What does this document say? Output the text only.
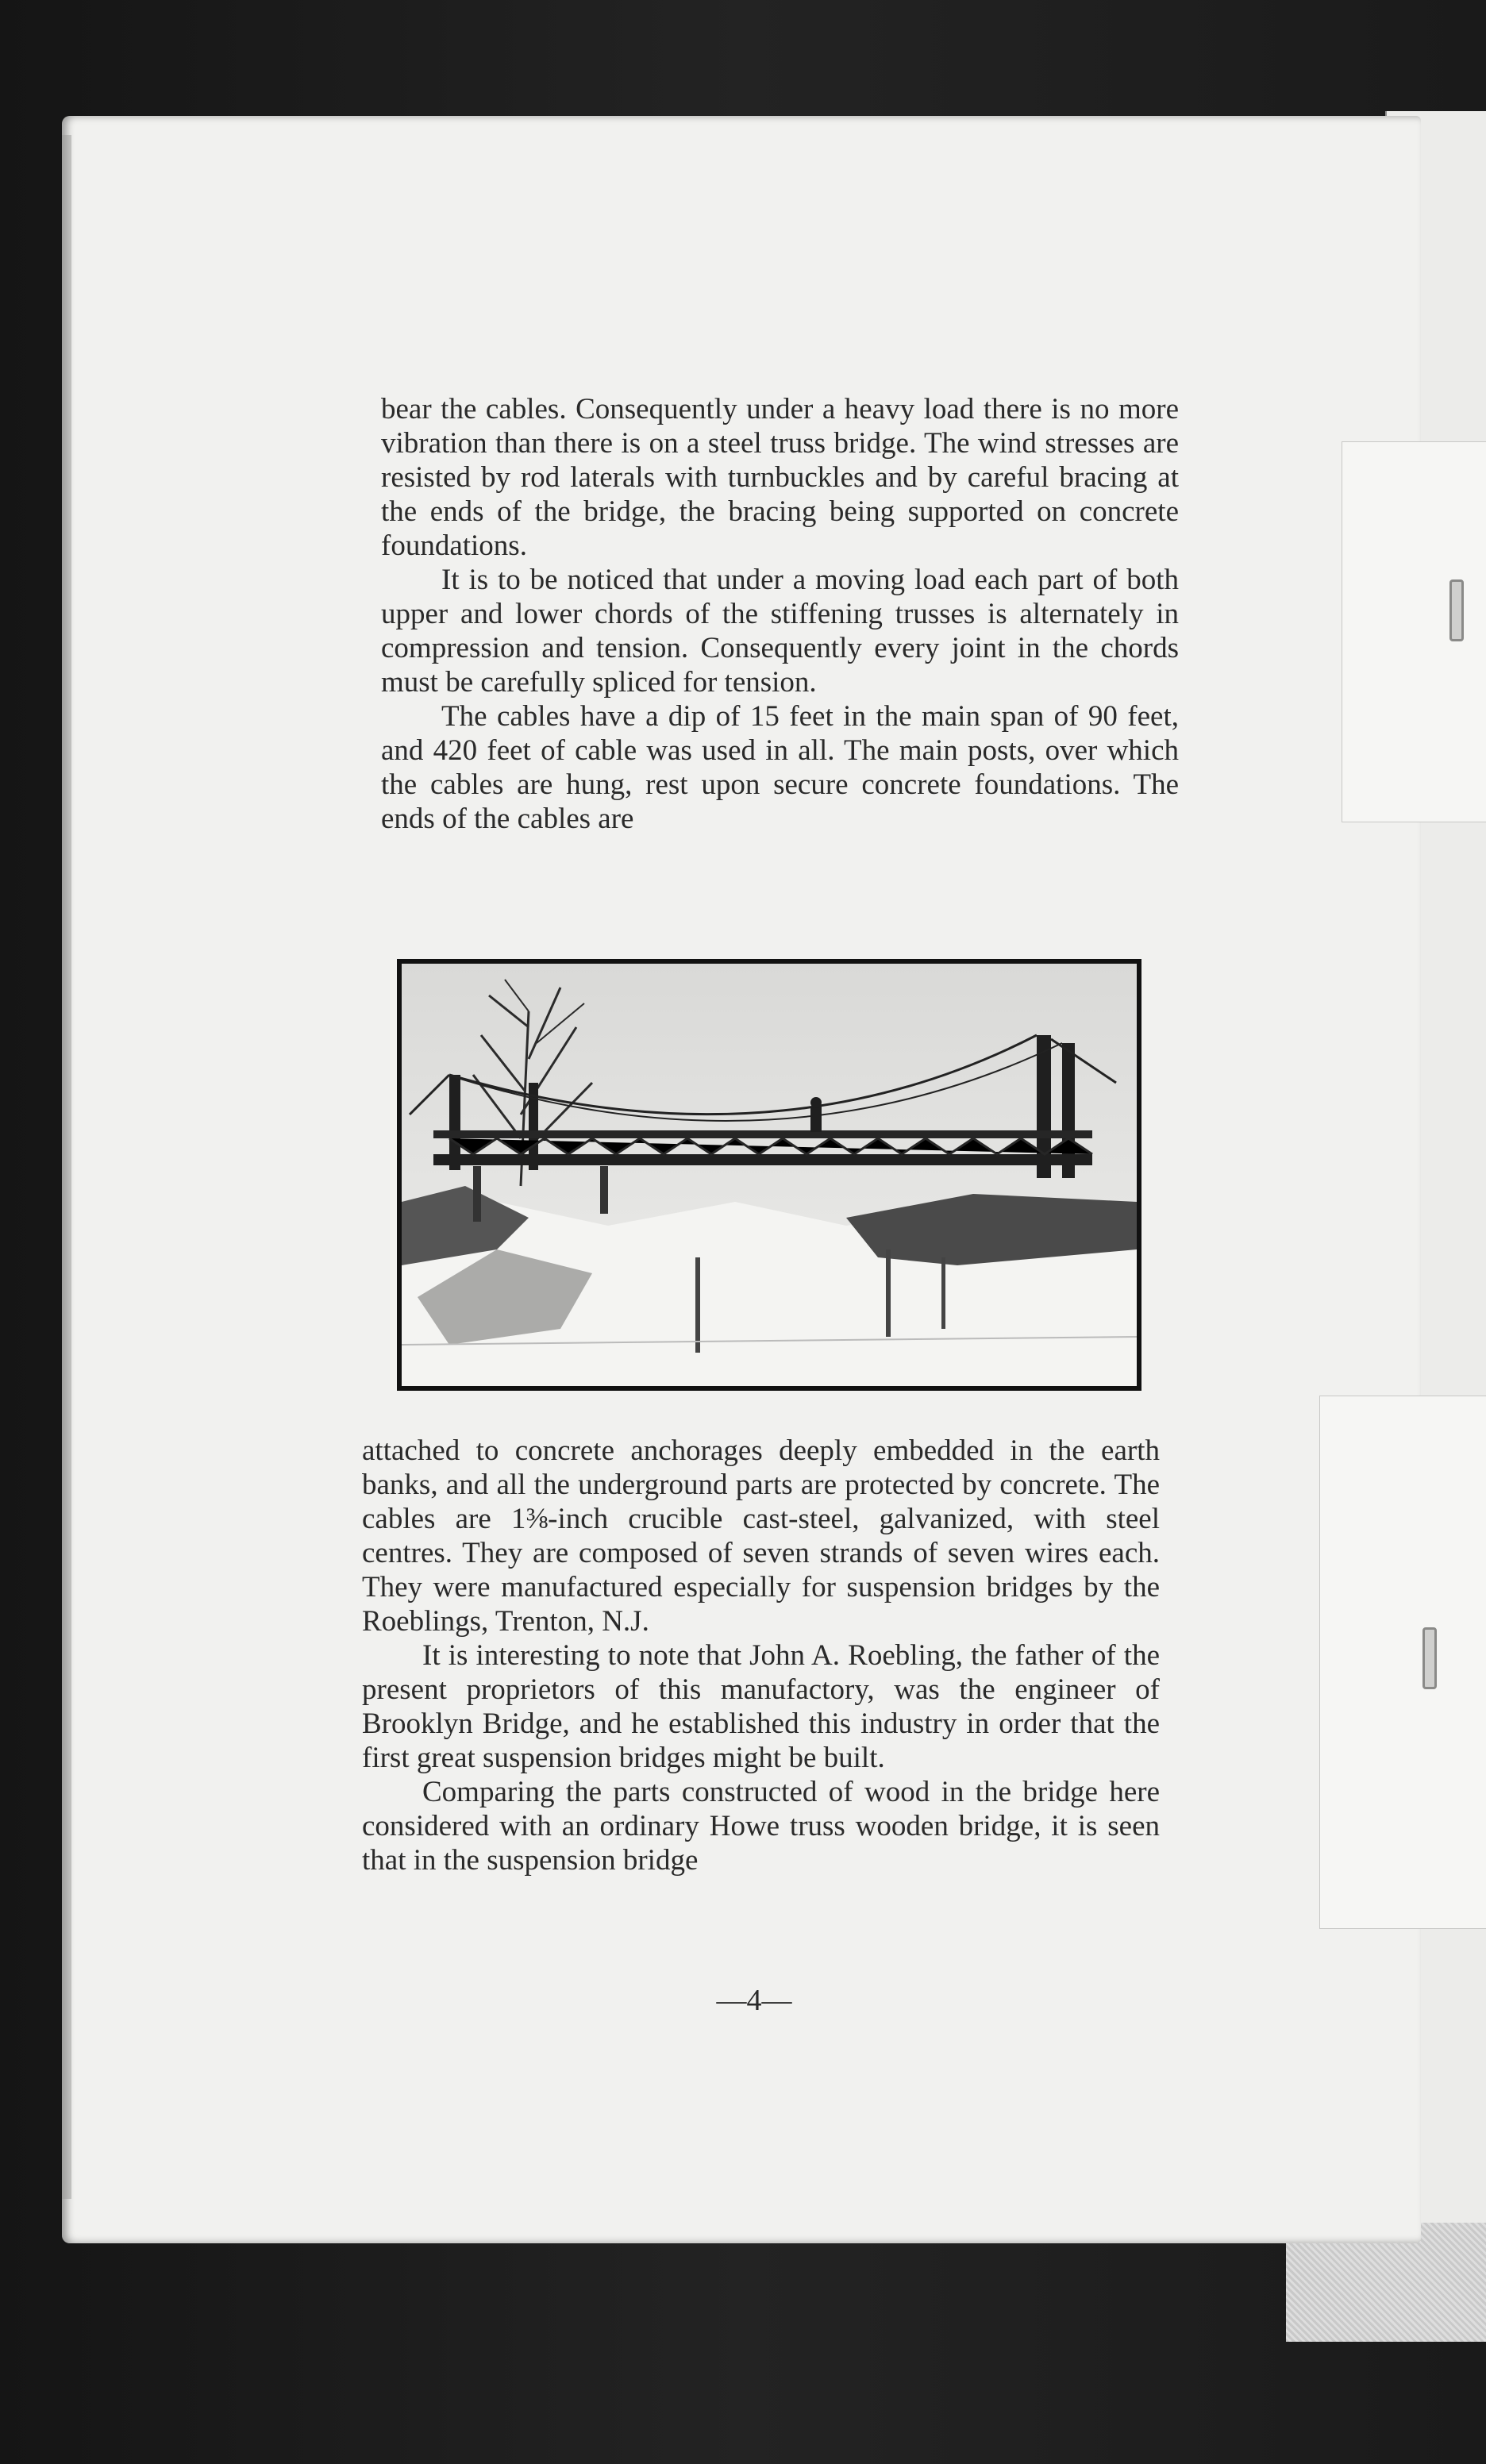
bear the cables. Consequently under a heavy load there is no more vibration than there is on a steel truss bridge. The wind stresses are resisted by rod laterals with turnbuckles and by careful bracing at the ends of the bridge, the bracing being supported on concrete foundations.

It is to be noticed that under a moving load each part of both upper and lower chords of the stiffening trusses is alternately in compression and tension. Consequently every joint in the chords must be carefully spliced for tension.

The cables have a dip of 15 feet in the main span of 90 feet, and 420 feet of cable was used in all. The main posts, over which the cables are hung, rest upon secure concrete foundations. The ends of the cables are

attached to concrete anchorages deeply embedded in the earth banks, and all the underground parts are protected by concrete. The cables are 1⅜-inch crucible cast-steel, galvanized, with steel centres. They are composed of seven strands of seven wires each. They were manufactured especially for suspension bridges by the Roeblings, Trenton, N.J.

It is interesting to note that John A. Roebling, the father of the present proprietors of this manufactory, was the engineer of Brooklyn Bridge, and he established this industry in order that the first great suspension bridges might be built.

Comparing the parts constructed of wood in the bridge here considered with an ordinary Howe truss wooden bridge, it is seen that in the suspension bridge

—4—
